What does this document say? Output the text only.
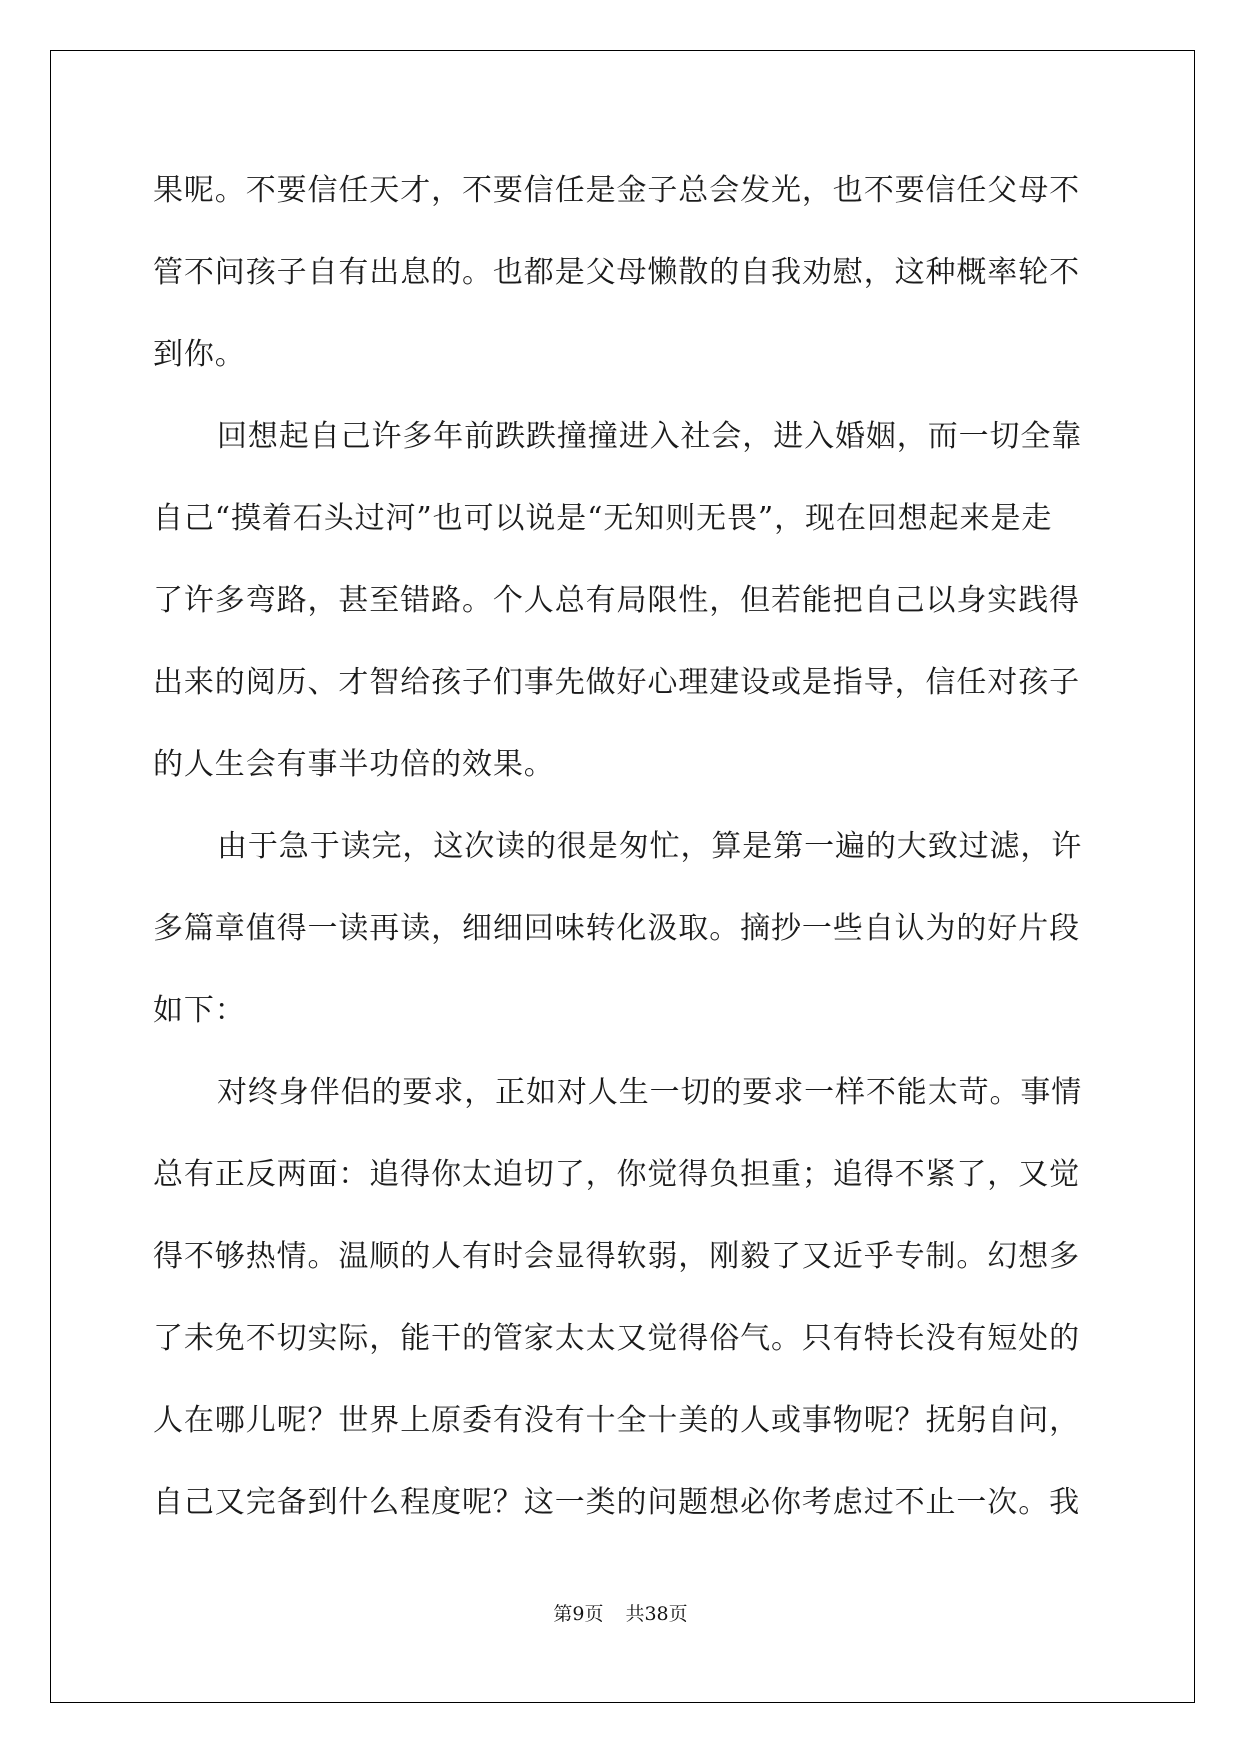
果呢。不要信任天才，不要信任是金子总会发光，也不要信任父母不
管不问孩子自有出息的。也都是父母懒散的自我劝慰，这种概率轮不
到你。
回想起自己许多年前跌跌撞撞进入社会，进入婚姻，而一切全靠
自己“摸着石头过河”也可以说是“无知则无畏”，现在回想起来是走
了许多弯路，甚至错路。个人总有局限性，但若能把自己以身实践得
出来的阅历、才智给孩子们事先做好心理建设或是指导，信任对孩子
的人生会有事半功倍的效果。
由于急于读完，这次读的很是匆忙，算是第一遍的大致过滤，许
多篇章值得一读再读，细细回味转化汲取。摘抄一些自认为的好片段
如下：
对终身伴侣的要求，正如对人生一切的要求一样不能太苛。事情
总有正反两面：追得你太迫切了，你觉得负担重；追得不紧了，又觉
得不够热情。温顺的人有时会显得软弱，刚毅了又近乎专制。幻想多
了未免不切实际，能干的管家太太又觉得俗气。只有特长没有短处的
人在哪儿呢？世界上原委有没有十全十美的人或事物呢？抚躬自问，
自己又完备到什么程度呢？这一类的问题想必你考虑过不止一次。我
第9页 共38页
